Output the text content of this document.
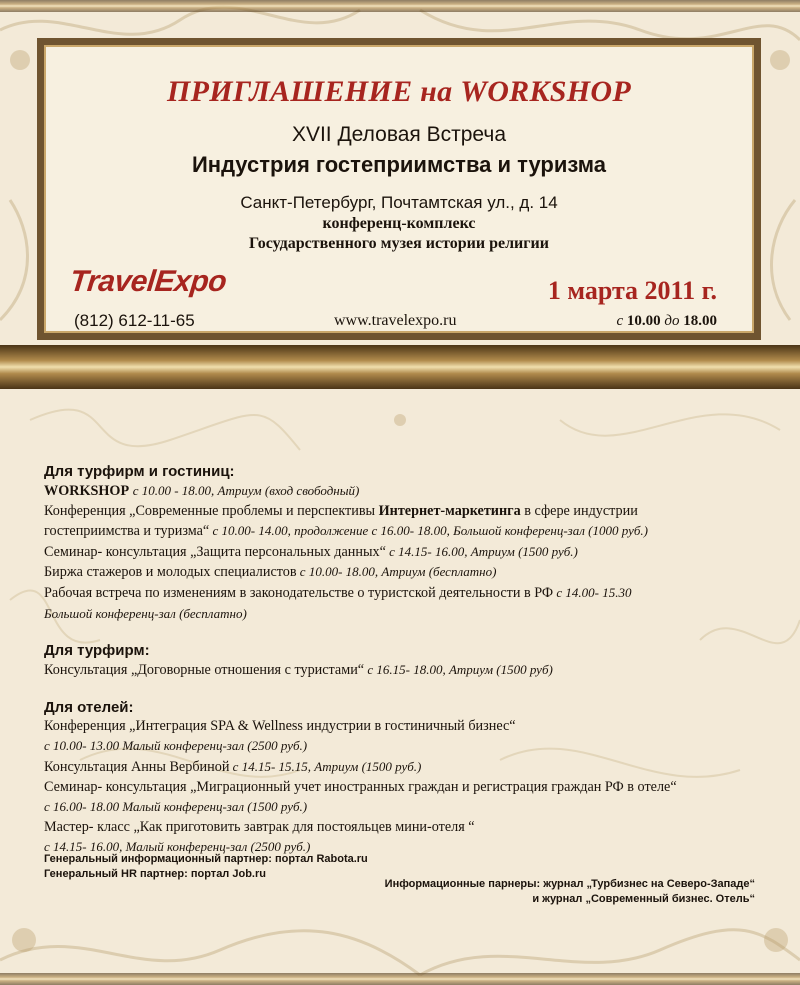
ПРИГЛАШЕНИЕ на WORKSHOP
XVII Деловая Встреча
Индустрия гостеприимства и туризма
Санкт-Петербург, Почтамтская ул., д. 14
конференц-комплекс
Государственного музея истории религии
TravelExpo
(812) 612-11-65	www.travelexpo.ru
1 марта 2011 г.
с 10.00 до 18.00
Для турфирм и гостиниц:
WORKSHOP с 10.00 - 18.00, Атриум (вход свободный)
Конференция „Современные проблемы и перспективы Интернет-маркетинга в сфере индустрии
гостеприимства и туризма“ с 10.00- 14.00, продолжение с 16.00- 18.00, Большой конференц-зал (1000 руб.)
Семинар- консультация „Защита персональных данных“ с 14.15- 16.00, Атриум (1500 руб.)
Биржа стажеров и молодых специалистов с 10.00- 18.00, Атриум (бесплатно)
Рабочая встреча по изменениям в законодательстве о туристской деятельности в РФ с 14.00- 15.30
Большой конференц-зал (бесплатно)
Для турфирм:
Консультация „Договорные отношения с туристами“ с 16.15- 18.00, Атриум (1500 руб)
Для отелей:
Конференция „Интеграция SPA & Wellness индустрии в гостиничный бизнес“
с 10.00- 13.00 Малый конференц-зал (2500 руб.)
Консультация Анны Вербиной с 14.15- 15.15, Атриум (1500 руб.)
Семинар- консультация „Миграционный учет иностранных граждан и регистрация граждан РФ в отеле“
с 16.00- 18.00 Малый конференц-зал (1500 руб.)
Мастер- класс „Как приготовить завтрак для постояльцев мини-отеля “
с 14.15- 16.00, Малый конференц-зал (2500 руб.)
Генеральный информационный партнер: портал Rabota.ru
Генеральный HR партнер: портал Job.ru
Информационные парнеры: журнал „Турбизнес на Северо-Западе“
и журнал „Современный бизнес. Отель“
